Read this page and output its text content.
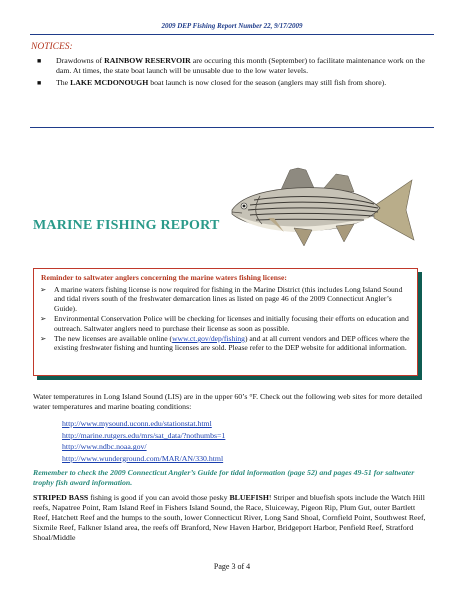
2009 DEP Fishing Report Number 22, 9/17/2009
NOTICES:
■ Drawdowns of RAINBOW RESERVOIR are occuring this month (September) to facilitate maintenance work on the dam. At times, the state boat launch will be unusable due to the low water levels.
■ The LAKE MCDONOUGH boat launch is now closed for the season (anglers may still fish from shore).
MARINE FISHING REPORT
Reminder to saltwater anglers concerning the marine waters fishing license:
➢ A marine waters fishing license is now required for fishing in the Marine District (this includes Long Island Sound and tidal rivers south of the freshwater demarcation lines as listed on page 46 of the 2009 Connecticut Angler’s Guide).
➢ Environmental Conservation Police will be checking for licenses and initially focusing their efforts on education and outreach. Saltwater anglers need to purchase their license as soon as possible.
➢ The new licenses are available online (www.ct.gov/dep/fishing) and at all current vendors and DEP offices where the existing freshwater fishing and hunting licenses are sold. Please refer to the DEP website for additional information.
Water temperatures in Long Island Sound (LIS) are in the upper 60’s °F. Check out the following web sites for more detailed water temperatures and marine boating conditions:
http://www.mysound.uconn.edu/stationstat.html
http://marine.rutgers.edu/mrs/sat_data/?nothumbs=1
http://www.ndbc.noaa.gov/
http://www.wunderground.com/MAR/AN/330.html
Remember to check the 2009 Connecticut Angler’s Guide for tidal information (page 52) and pages 49-51 for saltwater trophy fish award information.
STRIPED BASS fishing is good if you can avoid those pesky BLUEFISH! Striper and bluefish spots include the Watch Hill reefs, Napatree Point, Ram Island Reef in Fishers Island Sound, the Race, Sluiceway, Pigeon Rip, Plum Gut, outer Bartlett Reef, Hatchett Reef and the humps to the south, lower Connecticut River, Long Sand Shoal, Cornfield Point, Southwest Reef, Sixmile Reef, Falkner Island area, the reefs off Branford, New Haven Harbor, Bridgeport Harbor, Penfield Reef, Stratford Shoal/Middle
Page 3 of 4
